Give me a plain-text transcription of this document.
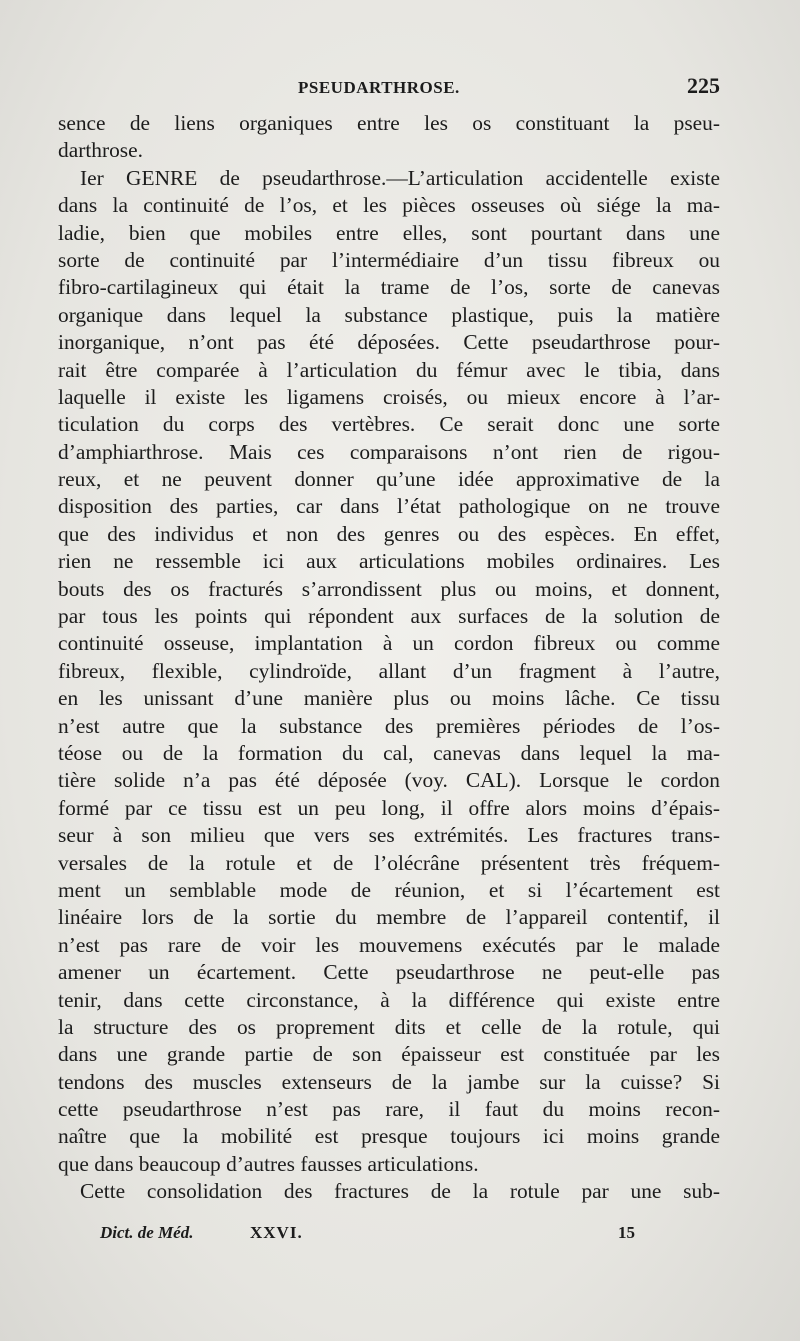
PSEUDARTHROSE.	225
sence de liens organiques entre les os constituant la pseu-
darthrose.
Ier GENRE de pseudarthrose.—L’articulation accidentelle existe
dans la continuité de l’os, et les pièces osseuses où siége la ma-
ladie, bien que mobiles entre elles, sont pourtant dans une
sorte de continuité par l’intermédiaire d’un tissu fibreux ou
fibro-cartilagineux qui était la trame de l’os, sorte de canevas
organique dans lequel la substance plastique, puis la matière
inorganique, n’ont pas été déposées. Cette pseudarthrose pour-
rait être comparée à l’articulation du fémur avec le tibia, dans
laquelle il existe les ligamens croisés, ou mieux encore à l’ar-
ticulation du corps des vertèbres. Ce serait donc une sorte
d’amphiarthrose. Mais ces comparaisons n’ont rien de rigou-
reux, et ne peuvent donner qu’une idée approximative de la
disposition des parties, car dans l’état pathologique on ne trouve
que des individus et non des genres ou des espèces. En effet,
rien ne ressemble ici aux articulations mobiles ordinaires. Les
bouts des os fracturés s’arrondissent plus ou moins, et donnent,
par tous les points qui répondent aux surfaces de la solution de
continuité osseuse, implantation à un cordon fibreux ou comme
fibreux, flexible, cylindroïde, allant d’un fragment à l’autre,
en les unissant d’une manière plus ou moins lâche. Ce tissu
n’est autre que la substance des premières périodes de l’os-
téose ou de la formation du cal, canevas dans lequel la ma-
tière solide n’a pas été déposée (voy. CAL). Lorsque le cordon
formé par ce tissu est un peu long, il offre alors moins d’épais-
seur à son milieu que vers ses extrémités. Les fractures trans-
versales de la rotule et de l’olécrâne présentent très fréquem-
ment un semblable mode de réunion, et si l’écartement est
linéaire lors de la sortie du membre de l’appareil contentif, il
n’est pas rare de voir les mouvemens exécutés par le malade
amener un écartement. Cette pseudarthrose ne peut-elle pas
tenir, dans cette circonstance, à la différence qui existe entre
la structure des os proprement dits et celle de la rotule, qui
dans une grande partie de son épaisseur est constituée par les
tendons des muscles extenseurs de la jambe sur la cuisse? Si
cette pseudarthrose n’est pas rare, il faut du moins recon-
naître que la mobilité est presque toujours ici moins grande
que dans beaucoup d’autres fausses articulations.
Cette consolidation des fractures de la rotule par une sub-
Dict. de Méd.	XXVI.	15
